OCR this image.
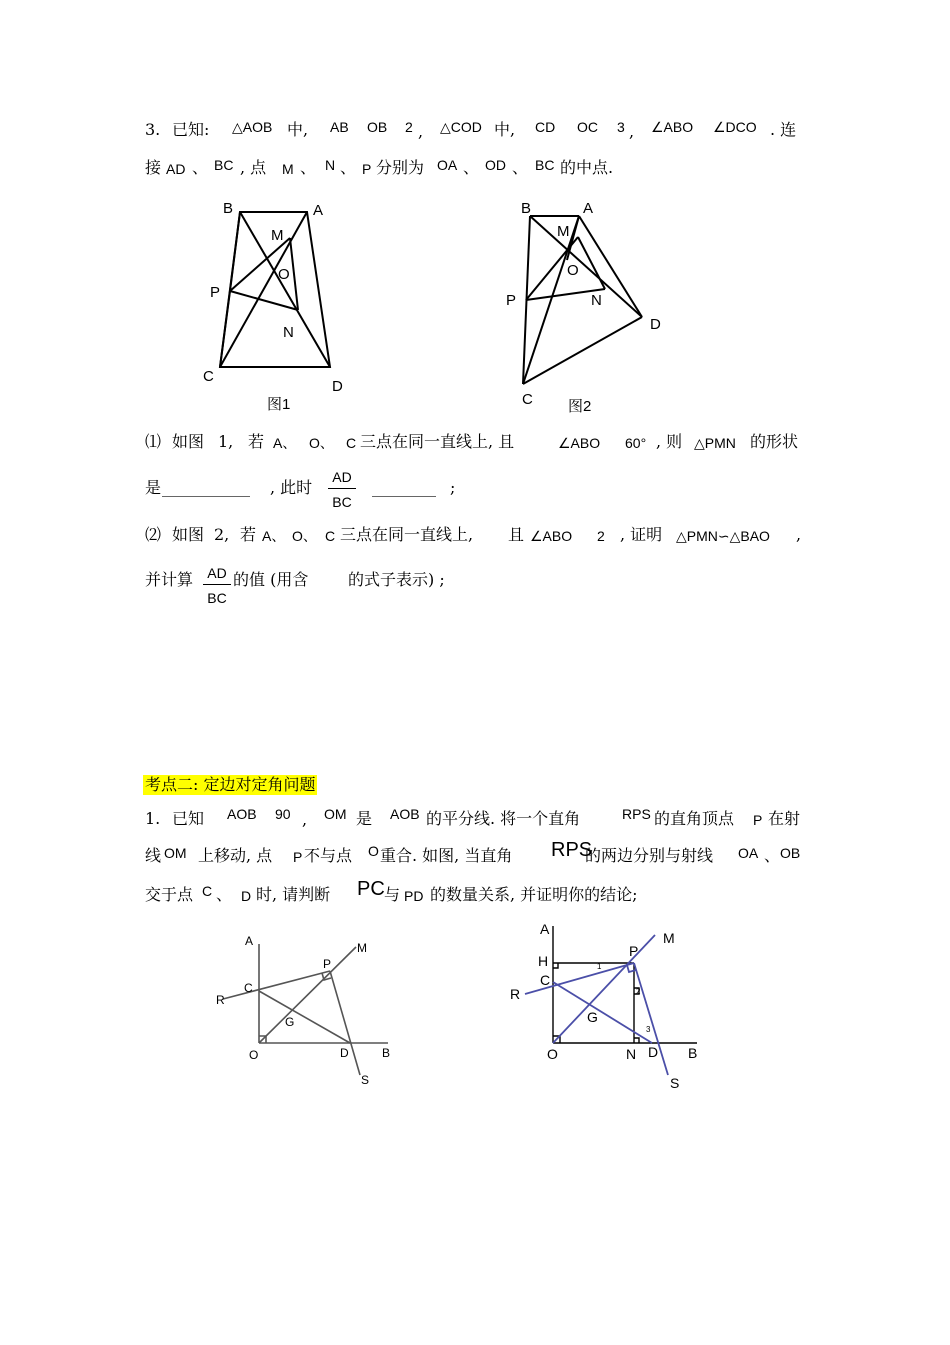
3. 已知: △AOB 中, AB OB 2 , △COD 中, CD OC 3 , ∠ABO ∠DCO . 连
接 AD 、 BC , 点 M 、 N 、 P 分别为 OA 、 OD 、 BC 的中点.
B	A
M
O
P
N
C
D
图1
B	A
M
O
P	N
D
C 图2
⑴ 如图 1, 若 A、 O、 C 三点在同一直线上, 且	∠ABO 60° , 则 △PMN 的形状
是 ___________ , 此时 $\frac{AD}{BC}$ ________ ;
⑵ 如图 2, 若 A、 O、 C 三点在同一直线上, 且 ∠ABO 2 , 证明 △PMN∽△BAO ,
并计算 $\frac{AD}{BC}$ 的值 (用含 的式子表示) ;
考点二: 定边对定角问题
1. 已知 AOB 90 , OM 是 AOB 的平分线. 将一个直角	RPS 的直角顶点 P 在射
线 OM 上移动, 点 P 不与点 O 重合. 如图, 当直角 RPS
的两边分别与射线 OA 、 OB
交于点 C 、 D 时, 请判断 PC 与 PD 的数量关系, 并证明你的结论;
A	M
P
C
R
G
O	D	B
S
A
M
P
H	1
C
R	2
G
3
O	N D B
S
